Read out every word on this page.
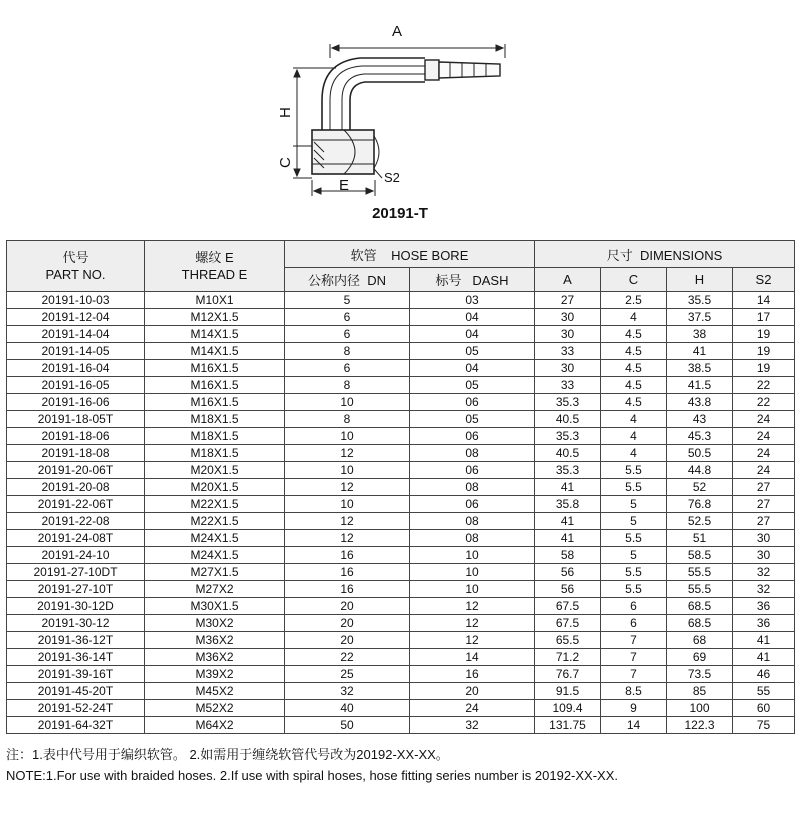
A
H
C
E	S2
20191-T
代号
PART NO.	螺纹 E
THREAD E	软管    HOSE BORE		尺寸  DIMENSIONS			
		公称内径  DN	标号   DASH	A	C	H	S2
20191-10-03	M10X1	5	03	27	2.5	35.5	14
20191-12-04	M12X1.5	6	04	30	4	37.5	17
20191-14-04	M14X1.5	6	04	30	4.5	38	19
20191-14-05	M14X1.5	8	05	33	4.5	41	19
20191-16-04	M16X1.5	6	04	30	4.5	38.5	19
20191-16-05	M16X1.5	8	05	33	4.5	41.5	22
20191-16-06	M16X1.5	10	06	35.3	4.5	43.8	22
20191-18-05T	M18X1.5	8	05	40.5	4	43	24
20191-18-06	M18X1.5	10	06	35.3	4	45.3	24
20191-18-08	M18X1.5	12	08	40.5	4	50.5	24
20191-20-06T	M20X1.5	10	06	35.3	5.5	44.8	24
20191-20-08	M20X1.5	12	08	41	5.5	52	27
20191-22-06T	M22X1.5	10	06	35.8	5	76.8	27
20191-22-08	M22X1.5	12	08	41	5	52.5	27
20191-24-08T	M24X1.5	12	08	41	5.5	51	30
20191-24-10	M24X1.5	16	10	58	5	58.5	30
20191-27-10DT	M27X1.5	16	10	56	5.5	55.5	32
20191-27-10T	M27X2	16	10	56	5.5	55.5	32
20191-30-12D	M30X1.5	20	12	67.5	6	68.5	36
20191-30-12	M30X2	20	12	67.5	6	68.5	36
20191-36-12T	M36X2	20	12	65.5	7	68	41
20191-36-14T	M36X2	22	14	71.2	7	69	41
20191-39-16T	M39X2	25	16	76.7	7	73.5	46
20191-45-20T	M45X2	32	20	91.5	8.5	85	55
20191-52-24T	M52X2	40	24	109.4	9	100	60
20191-64-32T	M64X2	50	32	131.75	14	122.3	75
注：1.表中代号用于编织软管。 2.如需用于缠绕软管代号改为20192-XX-XX。
NOTE:1.For use with braided hoses. 2.If use with spiral hoses, hose fitting series number is 20192-XX-XX.
